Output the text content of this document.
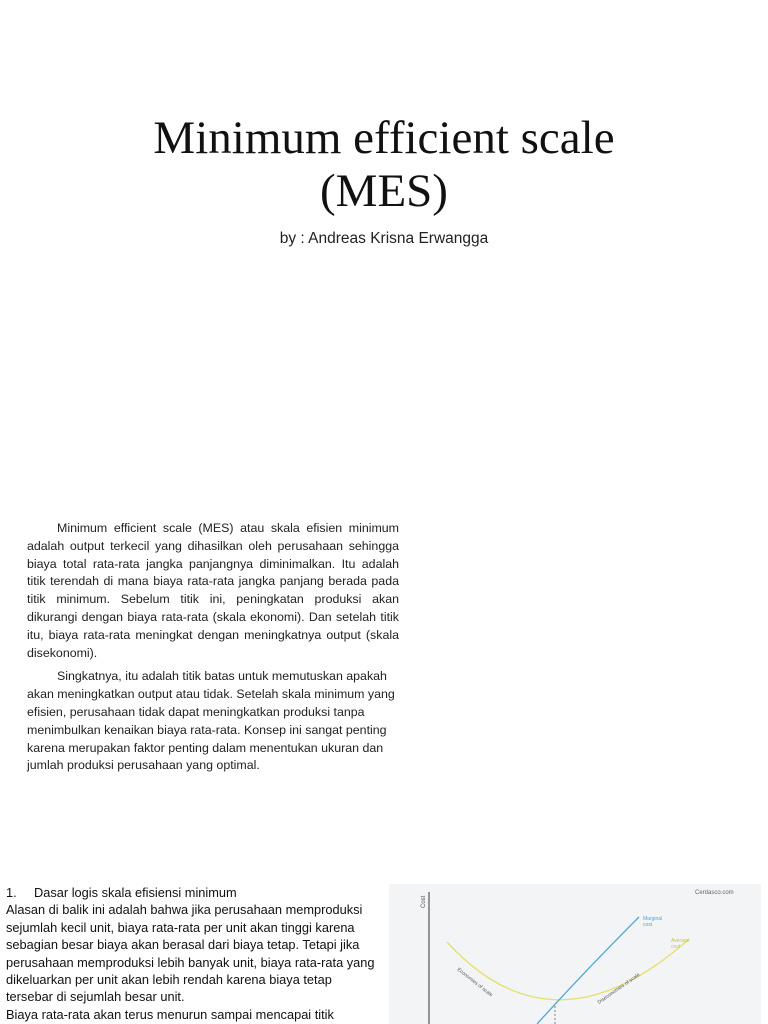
Minimum efficient scale
(MES)
by : Andreas Krisna Erwangga

Minimum efficient scale (MES) atau skala efisien minimum adalah output terkecil yang dihasilkan oleh perusahaan sehingga biaya total rata-rata jangka panjangnya diminimalkan. Itu adalah titik terendah di mana biaya rata-rata jangka panjang berada pada titik minimum. Sebelum titik ini, peningkatan produksi akan dikurangi dengan biaya rata-rata (skala ekonomi). Dan setelah titik itu, biaya rata-rata meningkat dengan meningkatnya output (skala disekonomi).

Singkatnya, itu adalah titik batas untuk memutuskan apakah akan meningkatkan output atau tidak. Setelah skala minimum yang efisien, perusahaan tidak dapat meningkatkan produksi tanpa menimbulkan kenaikan biaya rata-rata. Konsep ini sangat penting karena merupakan faktor penting dalam menentukan ukuran dan jumlah produksi perusahaan yang optimal.

1. Dasar logis skala efisiensi minimum

Alasan di balik ini adalah bahwa jika perusahaan memproduksi sejumlah kecil unit, biaya rata-rata per unit akan tinggi karena sebagian besar biaya akan berasal dari biaya tetap. Tetapi jika perusahaan memproduksi lebih banyak unit, biaya rata-rata yang dikeluarkan per unit akan lebih rendah karena biaya tetap tersebar di sejumlah besar unit.

Biaya rata-rata akan terus menurun sampai mencapai titik

Cost
Cerdasco.com
Marginal
cost
Average
cost
Economies of scale	Diseconomies of scale
